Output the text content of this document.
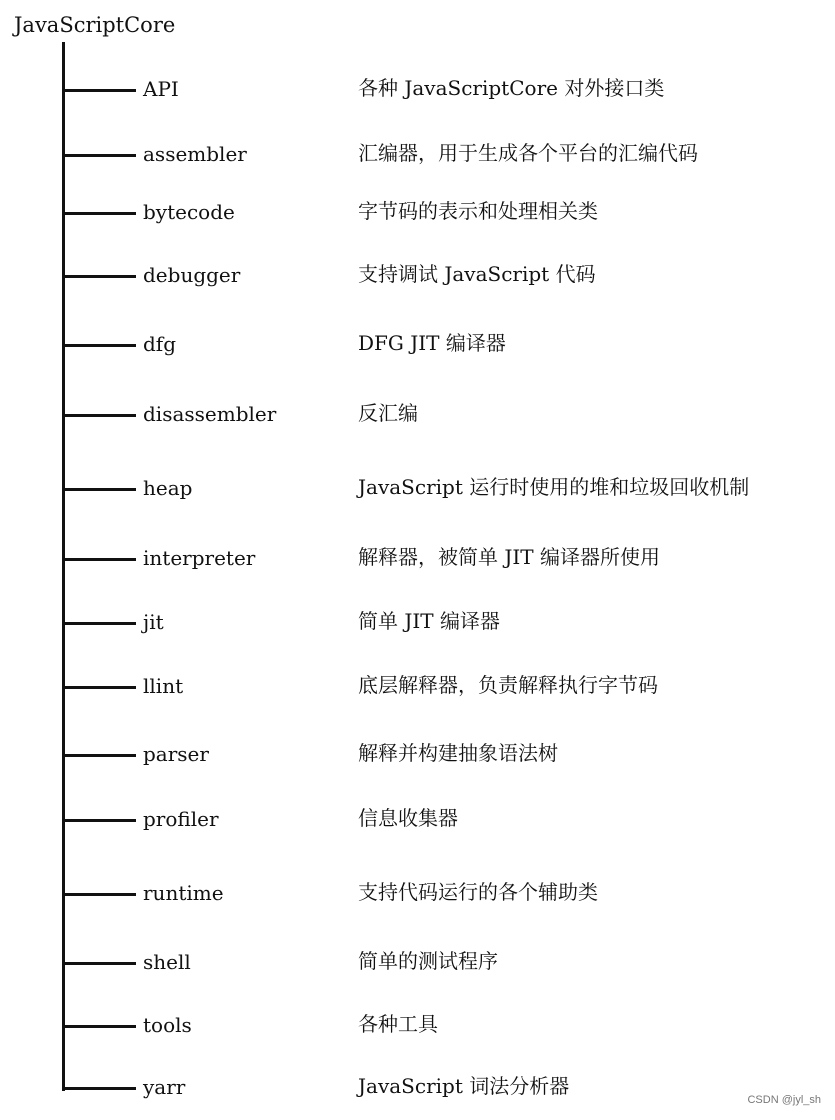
JavaScriptCore
API	各种 JavaScriptCore 对外接口类
assembler	汇编器，用于生成各个平台的汇编代码
bytecode	字节码的表示和处理相关类
debugger	支持调试 JavaScript 代码
dfg	DFG JIT 编译器
disassembler	反汇编
heap	JavaScript 运行时使用的堆和垃圾回收机制
interpreter	解释器，被简单 JIT 编译器所使用
jit	简单 JIT 编译器
llint	底层解释器，负责解释执行字节码
parser	解释并构建抽象语法树
profiler	信息收集器
runtime	支持代码运行的各个辅助类
shell	简单的测试程序
tools	各种工具
yarr	JavaScript 词法分析器
CSDN @jyl_sh
